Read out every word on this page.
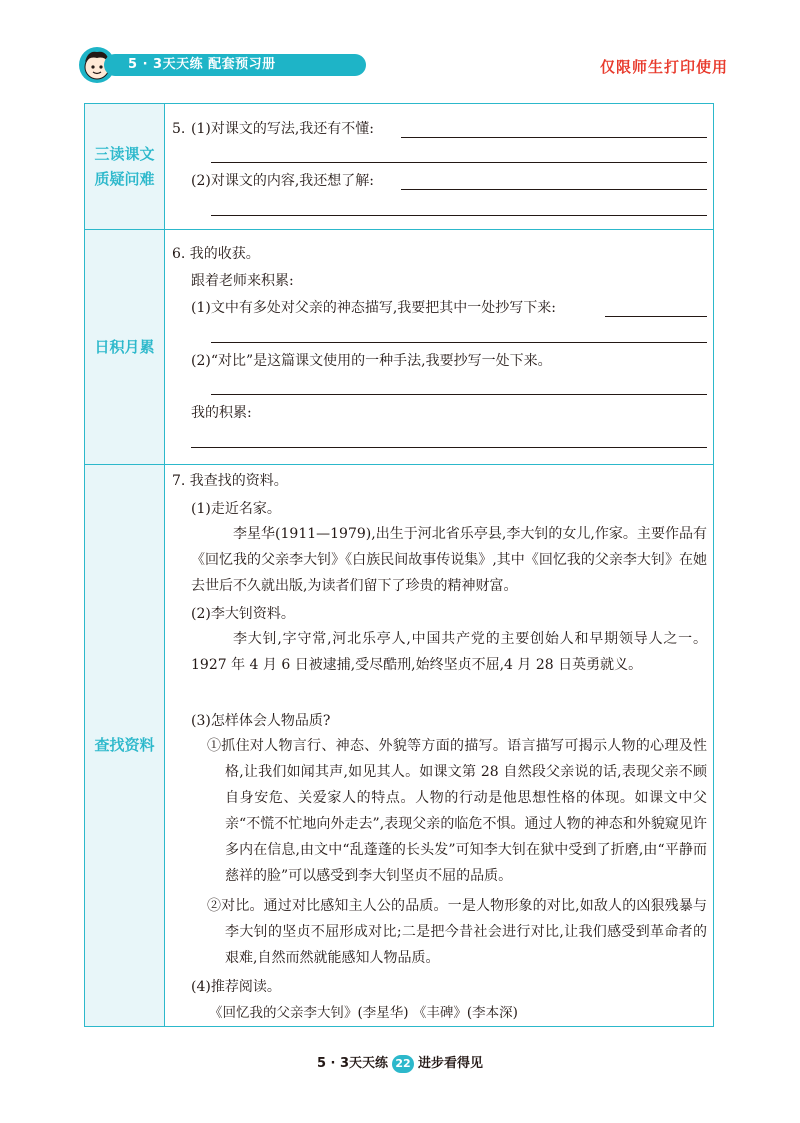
5 · 3天天练 配套预习册	仅限师生打印使用
三读课文
质疑问难
5. (1)对课文的写法,我还有不懂:
(2)对课文的内容,我还想了解:
日积月累
6. 我的收获。
跟着老师来积累:
(1)文中有多处对父亲的神态描写,我要把其中一处抄写下来:
(2)“对比”是这篇课文使用的一种手法,我要抄写一处下来。
我的积累:
查找资料
7. 我查找的资料。
(1)走近名家。
李星华(1911—1979),出生于河北省乐亭县,李大钊的女儿,作家。主要作品有《回忆我的父亲李大钊》《白族民间故事传说集》,其中《回忆我的父亲李大钊》在她去世后不久就出版,为读者们留下了珍贵的精神财富。
(2)李大钊资料。
李大钊,字守常,河北乐亭人,中国共产党的主要创始人和早期领导人之一。1927 年 4 月 6 日被逮捕,受尽酷刑,始终坚贞不屈,4 月 28 日英勇就义。
(3)怎样体会人物品质?
①抓住对人物言行、神态、外貌等方面的描写。语言描写可揭示人物的心理及性格,让我们如闻其声,如见其人。如课文第 28 自然段父亲说的话,表现父亲不顾自身安危、关爱家人的特点。人物的行动是他思想性格的体现。如课文中父亲“不慌不忙地向外走去”,表现父亲的临危不惧。通过人物的神态和外貌窥见许多内在信息,由文中“乱蓬蓬的长头发”可知李大钊在狱中受到了折磨,由“平静而慈祥的脸”可以感受到李大钊坚贞不屈的品质。
②对比。通过对比感知主人公的品质。一是人物形象的对比,如敌人的凶狠残暴与李大钊的坚贞不屈形成对比;二是把今昔社会进行对比,让我们感受到革命者的艰难,自然而然就能感知人物品质。
(4)推荐阅读。
《回忆我的父亲李大钊》(李星华) 《丰碑》(李本深)
5 · 3天天练 22 进步看得见
